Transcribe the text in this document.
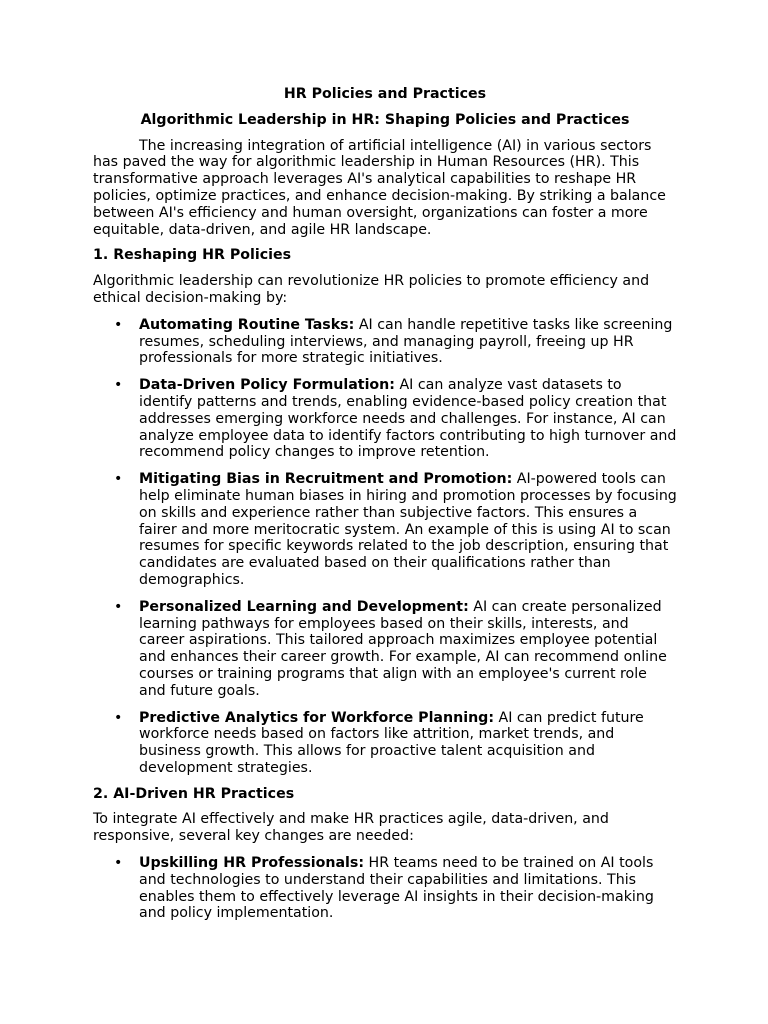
HR Policies and Practices

Algorithmic Leadership in HR: Shaping Policies and Practices

The increasing integration of artificial intelligence (AI) in various sectors has paved the way for algorithmic leadership in Human Resources (HR). This transformative approach leverages AI's analytical capabilities to reshape HR policies, optimize practices, and enhance decision-making. By striking a balance between AI's efficiency and human oversight, organizations can foster a more equitable, data-driven, and agile HR landscape.

1. Reshaping HR Policies

Algorithmic leadership can revolutionize HR policies to promote efficiency and ethical decision-making by:

• Automating Routine Tasks: AI can handle repetitive tasks like screening resumes, scheduling interviews, and managing payroll, freeing up HR professionals for more strategic initiatives.
• Data-Driven Policy Formulation: AI can analyze vast datasets to identify patterns and trends, enabling evidence-based policy creation that addresses emerging workforce needs and challenges. For instance, AI can analyze employee data to identify factors contributing to high turnover and recommend policy changes to improve retention.
• Mitigating Bias in Recruitment and Promotion: AI-powered tools can help eliminate human biases in hiring and promotion processes by focusing on skills and experience rather than subjective factors. This ensures a fairer and more meritocratic system. An example of this is using AI to scan resumes for specific keywords related to the job description, ensuring that candidates are evaluated based on their qualifications rather than demographics.
• Personalized Learning and Development: AI can create personalized learning pathways for employees based on their skills, interests, and career aspirations. This tailored approach maximizes employee potential and enhances their career growth. For example, AI can recommend online courses or training programs that align with an employee's current role and future goals.
• Predictive Analytics for Workforce Planning: AI can predict future workforce needs based on factors like attrition, market trends, and business growth. This allows for proactive talent acquisition and development strategies.
2. AI-Driven HR Practices

To integrate AI effectively and make HR practices agile, data-driven, and responsive, several key changes are needed:

• Upskilling HR Professionals: HR teams need to be trained on AI tools and technologies to understand their capabilities and limitations. This enables them to effectively leverage AI insights in their decision-making and policy implementation.
